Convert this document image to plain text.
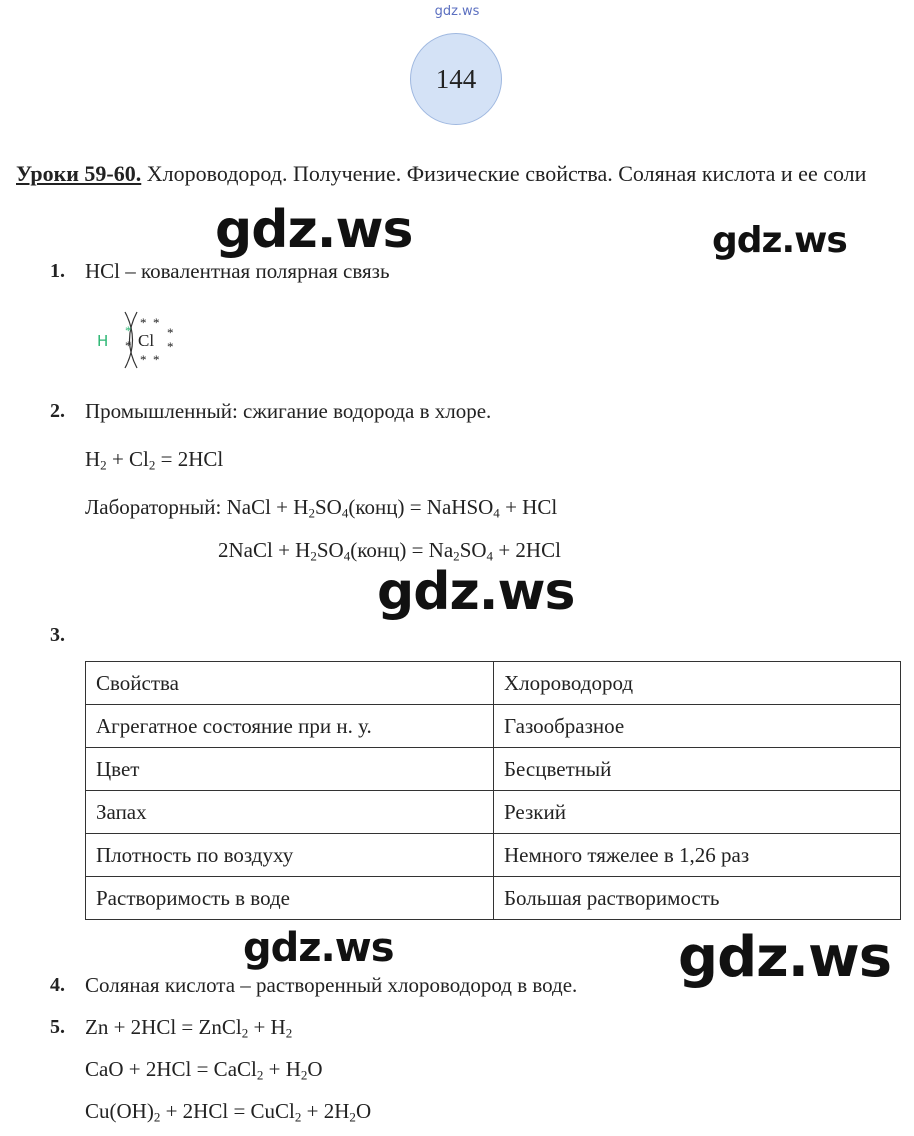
gdz.ws
144
Уроки 59-60. Хлороводород. Получение. Физические свойства. Соляная кислота и ее соли
gdz.ws	gdz.ws
1. HCl – ковалентная полярная связь
H Cl
*
*
* *
*
*
* *
2. Промышленный: сжигание водорода в хлоре.
$H_2 + Cl_2 = 2HCl$
Лабораторный: NaCl + $H_2SO_4(конц)$ = NaHSO$_4$ + HCl
2NaCl + $H_2SO_4(конц) = Na_2SO_4 + 2HCl$
gdz.ws
3.
Свойства	Хлороводород
Агрегатное состояние при н. у.	Газообразное
Цвет	Бесцветный
Запах	Резкий
Плотность по воздуху	Немного тяжелее в 1,26 раз
Растворимость в воде	Большая растворимость
gdz.ws	gdz.ws
4. Соляная кислота – растворенный хлороводород в воде.
5. Zn + 2HCl = ZnCl$_2$ + $H_2$
CaO + 2HCl = CaCl$_2$ + $H_2O$
$Cu(OH)_2 + 2HCl$ = CuCl$_2$ + $2H_2O$
